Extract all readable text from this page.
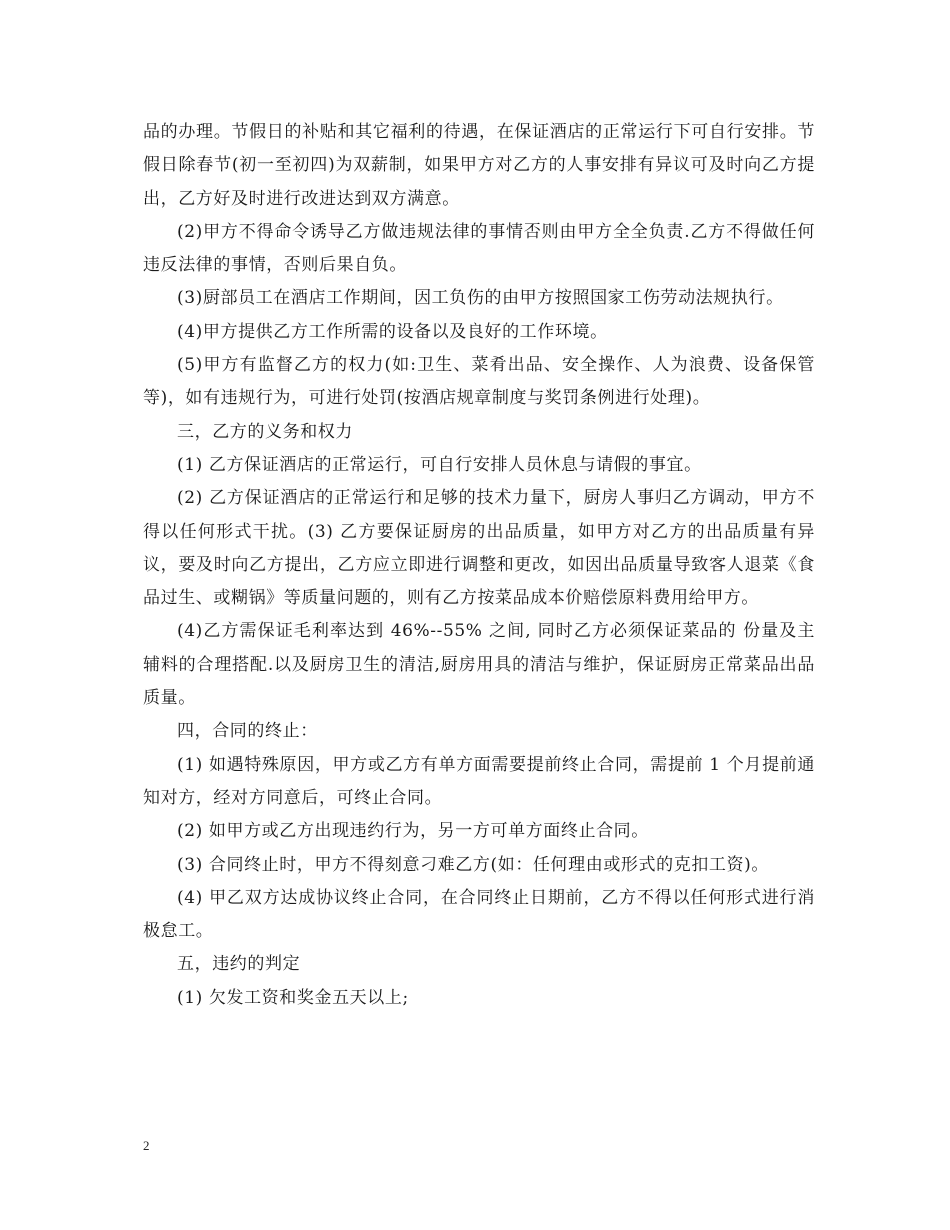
品的办理。节假日的补贴和其它福利的待遇，在保证酒店的正常运行下可自行安排。节假日除春节(初一至初四)为双薪制，如果甲方对乙方的人事安排有异议可及时向乙方提出，乙方好及时进行改进达到双方满意。

(2)甲方不得命令诱导乙方做违规法律的事情否则由甲方全全负责.乙方不得做任何违反法律的事情，否则后果自负。

(3)厨部员工在酒店工作期间，因工负伤的由甲方按照国家工伤劳动法规执行。

(4)甲方提供乙方工作所需的设备以及良好的工作环境。

(5)甲方有监督乙方的权力(如:卫生、菜肴出品、安全操作、人为浪费、设备保管等)，如有违规行为，可进行处罚(按酒店规章制度与奖罚条例进行处理)。

三，乙方的义务和权力

(1) 乙方保证酒店的正常运行，可自行安排人员休息与请假的事宜。

(2) 乙方保证酒店的正常运行和足够的技术力量下，厨房人事归乙方调动，甲方不得以任何形式干扰。(3) 乙方要保证厨房的出品质量，如甲方对乙方的出品质量有异议，要及时向乙方提出，乙方应立即进行调整和更改，如因出品质量导致客人退菜《食品过生、或糊锅》等质量问题的，则有乙方按菜品成本价赔偿原料费用给甲方。

(4)乙方需保证毛利率达到 46%--55% 之间, 同时乙方必须保证菜品的 份量及主辅料的合理搭配.以及厨房卫生的清洁,厨房用具的清洁与维护，保证厨房正常菜品出品质量。

四，合同的终止：

(1) 如遇特殊原因，甲方或乙方有单方面需要提前终止合同，需提前 1 个月提前通知对方，经对方同意后，可终止合同。

(2) 如甲方或乙方出现违约行为，另一方可单方面终止合同。

(3) 合同终止时，甲方不得刻意刁难乙方(如：任何理由或形式的克扣工资)。

(4) 甲乙双方达成协议终止合同，在合同终止日期前，乙方不得以任何形式进行消极怠工。

五，违约的判定

(1) 欠发工资和奖金五天以上;

2
